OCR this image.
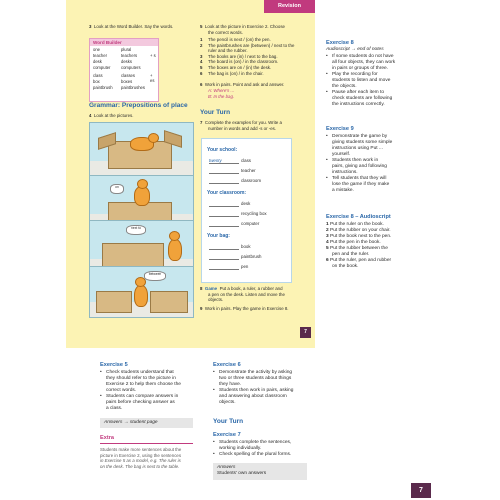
Revision
3 Look at the Word Builder. Say the words.
Word Builder
one	plural
teacher	teachers	+ s
desk	desks
computer	computers
class	classes	+ es
box	boxes
paintbrush paintbrushes
Grammar: Prepositions of place
4 Look at the pictures.
on
next to
between
5 Look at the picture in Exercise 2. Choose
the correct words.
1 The pencil is next / (on) the pen.
2 The paintbrushes are (between) / next to the
ruler and the rubber.
3 The books are (in) / next to the bag.
4 The board is (on) / in the classroom.
5 The boxes are on / (in) the desk.
6 The bag is (on) / in the chair.
6 Work in pairs. Point and ask and answer.
A: Where's ...
B: In the bag.
Your Turn
7 Complete the examples for you. Write a
number in words and add -s or -es.
Your school:
twenty	class
teacher
classroom
Your classroom:
desk
recycling box
computer
Your bag:
book
paintbrush
pen
8 Game Put a book, a ruler, a rubber and
a pen on the desk. Listen and move the
objects.
9 Work in pairs. Play the game in Exercise 8.
7
Exercise 8
Audioscript → end of notes
• If some students do not have
all four objects, they can work
in pairs or groups of three.
• Play the recording for
students to listen and move
the objects.
• Pause after each item to
check students are following
the instructions correctly.
Exercise 9
• Demonstrate the game by
giving students some simple
instructions using Put ...
yourself.
• Students then work in
pairs, giving and following
instructions.
• Tell students that they will
lose the game if they make
a mistake.
Exercise 8 – Audioscript
1 Put the ruler on the book.
2 Put the rubber on your chair.
3 Put the book next to the pen.
4 Put the pen in the book.
5 Put the rubber between the
pen and the ruler.
6 Put the ruler, pen and rubber
on the book.
Exercise 5
• Check students understand that
they should refer to the picture in
Exercise 2 to help them choose the
correct words.
• Students can compare answers in
pairs before checking answer as
a class.
Answers → student page
Extra
Students make more sentences about the
picture in Exercise 2, using the sentences
in Exercise 5 as a model, e.g. The ruler is
on the desk. The bag is next to the table.
Exercise 6
• Demonstrate the activity by asking
two or three students about things
they have.
• Students then work in pairs, asking
and answering about classroom
objects.
Your Turn
Exercise 7
• Students complete the sentences,
working individually.
• Check spelling of the plural forms.
Answers
Students' own answers
7
